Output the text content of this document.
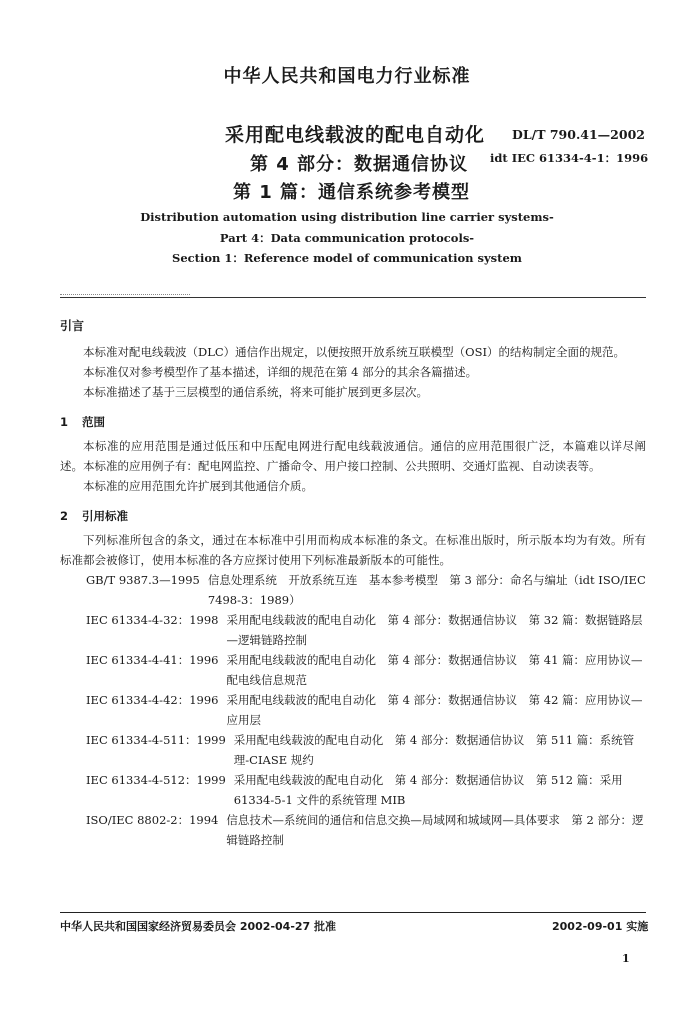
中华人民共和国电力行业标准
采用配电线载波的配电自动化 DL/T 790.41—2002
第 4 部分：数据通信协议 idt IEC 61334-4-1：1996
第 1 篇：通信系统参考模型
Distribution automation using distribution line carrier systems-
Part 4：Data communication protocols-
Section 1：Reference model of communication system

引言

本标准对配电线载波（DLC）通信作出规定，以便按照开放系统互联模型（OSI）的结构制定全面的规范。

本标准仅对参考模型作了基本描述，详细的规范在第 4 部分的其余各篇描述。

本标准描述了基于三层模型的通信系统，将来可能扩展到更多层次。

1 范围

本标准的应用范围是通过低压和中压配电网进行配电线载波通信。通信的应用范围很广泛，本篇难以详尽阐述。本标准的应用例子有：配电网监控、广播命令、用户接口控制、公共照明、交通灯监视、自动读表等。

本标准的应用范围允许扩展到其他通信介质。

2 引用标准

下列标准所包含的条文，通过在本标准中引用而构成本标准的条文。在标准出版时，所示版本均为有效。所有标准都会被修订，使用本标准的各方应探讨使用下列标准最新版本的可能性。

GB/T 9387.3—1995 信息处理系统　开放系统互连　基本参考模型　第 3 部分：命名与编址（idt ISO/IEC 7498-3：1989）
IEC 61334-4-32：1998 采用配电线载波的配电自动化　第 4 部分：数据通信协议　第 32 篇：数据链路层—逻辑链路控制
IEC 61334-4-41：1996 采用配电线载波的配电自动化　第 4 部分：数据通信协议　第 41 篇：应用协议—配电线信息规范
IEC 61334-4-42：1996 采用配电线载波的配电自动化　第 4 部分：数据通信协议　第 42 篇：应用协议—应用层
IEC 61334-4-511：1999 采用配电线载波的配电自动化　第 4 部分：数据通信协议　第 511 篇：系统管理-CIASE 规约
IEC 61334-4-512：1999 采用配电线载波的配电自动化　第 4 部分：数据通信协议　第 512 篇：采用 61334-5-1 文件的系统管理 MIB
ISO/IEC 8802-2：1994 信息技术—系统间的通信和信息交换—局域网和城域网—具体要求　第 2 部分：逻辑链路控制
中华人民共和国国家经济贸易委员会 2002-04-27 批准	2002-09-01 实施
1
